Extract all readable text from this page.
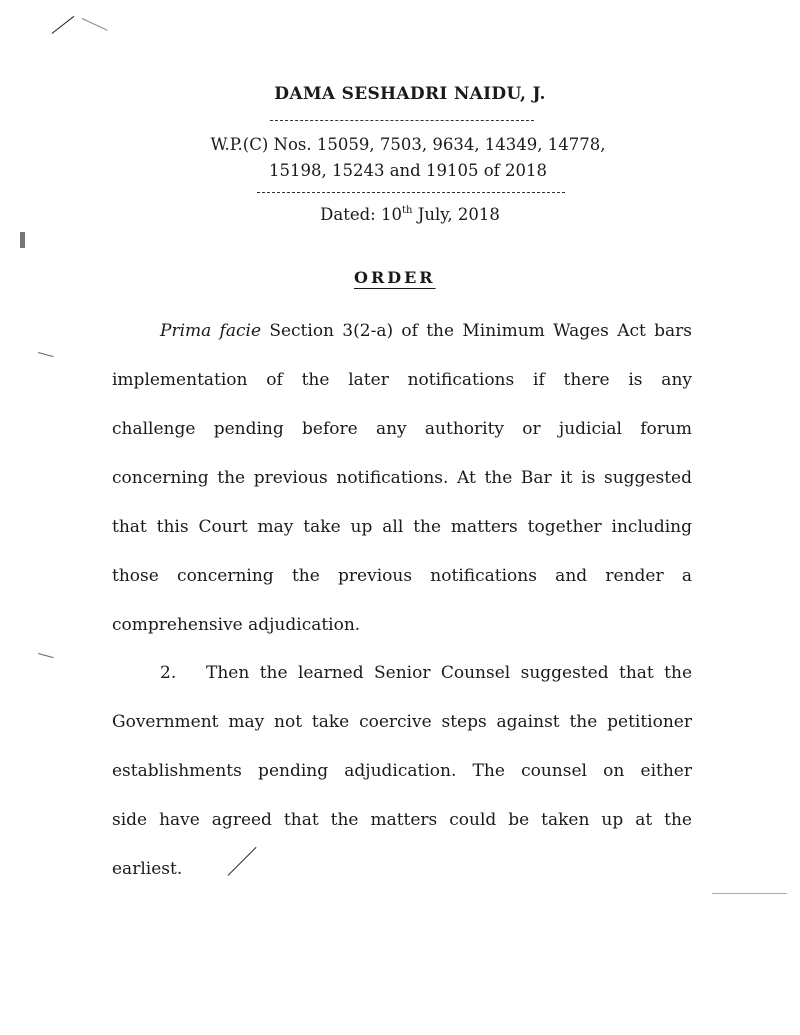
DAMA SESHADRI NAIDU, J.
W.P.(C) Nos. 15059, 7503, 9634, 14349, 14778,
15198, 15243 and 19105 of 2018
Dated: 10th July, 2018
ORDER
Prima facie Section 3(2-a) of the Minimum Wages Act bars
implementation of the later notifications if there is any
challenge pending before any authority or judicial forum
concerning the previous notifications. At the Bar it is suggested
that this Court may take up all the matters together including
those concerning the previous notifications and render a
comprehensive adjudication.
2. Then the learned Senior Counsel suggested that the
Government may not take coercive steps against the petitioner
establishments pending adjudication. The counsel on either
side have agreed that the matters could be taken up at the
earliest.
